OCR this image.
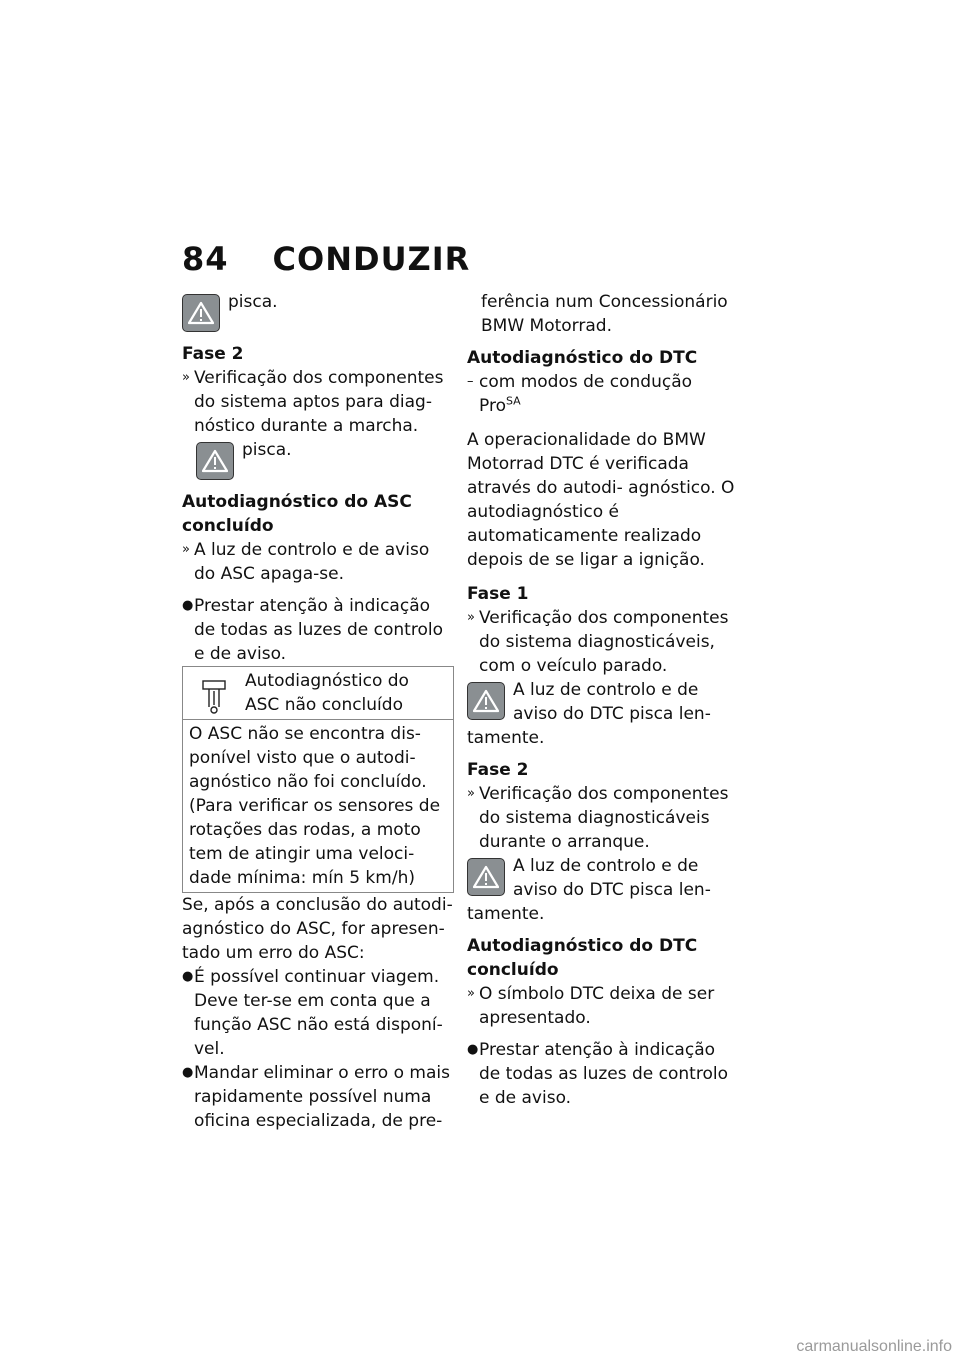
84 CONDUZIR
pisca.

Fase 2

» Verificação dos componentes do sistema aptos para diag- nóstico durante a marcha.
pisca.

Autodiagnóstico do ASC concluído

» A luz de controlo e de aviso do ASC apaga-se.
● Prestar atenção à indicação de todas as luzes de controlo e de aviso.
Autodiagnóstico do ASC não concluído
O ASC não se encontra dis- ponível visto que o autodi- agnóstico não foi concluído. (Para verificar os sensores de rotações das rodas, a moto tem de atingir uma veloci- dade mínima: mín 5 km/h)

Se, após a conclusão do autodi- agnóstico do ASC, for apresen- tado um erro do ASC:

● É possível continuar viagem. Deve ter-se em conta que a função ASC não está disponí- vel.
● Mandar eliminar o erro o mais rapidamente possível numa oficina especializada, de pre-

ferência num Concessionário BMW Motorrad.

Autodiagnóstico do DTC

– com modos de condução Pro$^{SA}$

A operacionalidade do BMW Motorrad DTC é verificada através do autodi- agnóstico. O autodiagnóstico é automaticamente realizado depois de se ligar a ignição.

Fase 1

» Verificação dos componentes do sistema diagnosticáveis, com o veículo parado.
A luz de controlo e de aviso do DTC pisca len-

tamente.

Fase 2

» Verificação dos componentes do sistema diagnosticáveis durante o arranque.
A luz de controlo e de aviso do DTC pisca len-

tamente.

Autodiagnóstico do DTC concluído

» O símbolo DTC deixa de ser apresentado.
● Prestar atenção à indicação de todas as luzes de controlo e de aviso.
carmanualsonline.info
